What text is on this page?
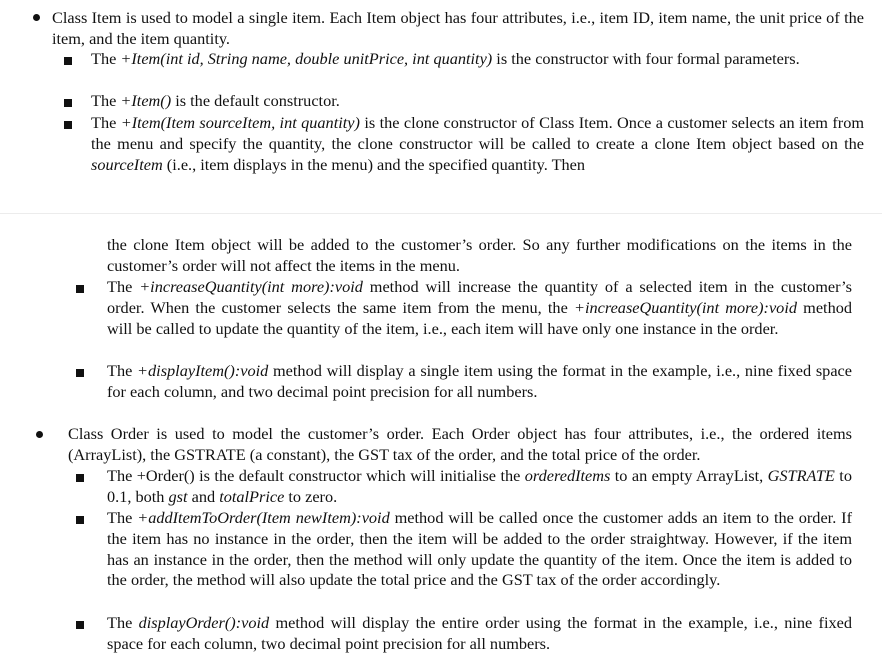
Class Item is used to model a single item. Each Item object has four attributes, i.e., item ID, item name, the unit price of the item, and the item quantity.
The +Item(int id, String name, double unitPrice, int quantity) is the constructor with four formal parameters.
The +Item() is the default constructor.
The +Item(Item sourceItem, int quantity) is the clone constructor of Class Item. Once a customer selects an item from the menu and specify the quantity, the clone constructor will be called to create a clone Item object based on the sourceItem (i.e., item displays in the menu) and the specified quantity. Then
the clone Item object will be added to the customer’s order. So any further modifications on the items in the customer’s order will not affect the items in the menu.
The +increaseQuantity(int more):void method will increase the quantity of a selected item in the customer’s order. When the customer selects the same item from the menu, the +increaseQuantity(int more):void method will be called to update the quantity of the item, i.e., each item will have only one instance in the order.
The +displayItem():void method will display a single item using the format in the example, i.e., nine fixed space for each column, and two decimal point precision for all numbers.
Class Order is used to model the customer’s order. Each Order object has four attributes, i.e., the ordered items (ArrayList), the GSTRATE (a constant), the GST tax of the order, and the total price of the order.
The +Order() is the default constructor which will initialise the orderedItems to an empty ArrayList, GSTRATE to 0.1, both gst and totalPrice to zero.
The +addItemToOrder(Item newItem):void method will be called once the customer adds an item to the order. If the item has no instance in the order, then the item will be added to the order straightway. However, if the item has an instance in the order, then the method will only update the quantity of the item. Once the item is added to the order, the method will also update the total price and the GST tax of the order accordingly.
The displayOrder():void method will display the entire order using the format in the example, i.e., nine fixed space for each column, two decimal point precision for all numbers.
